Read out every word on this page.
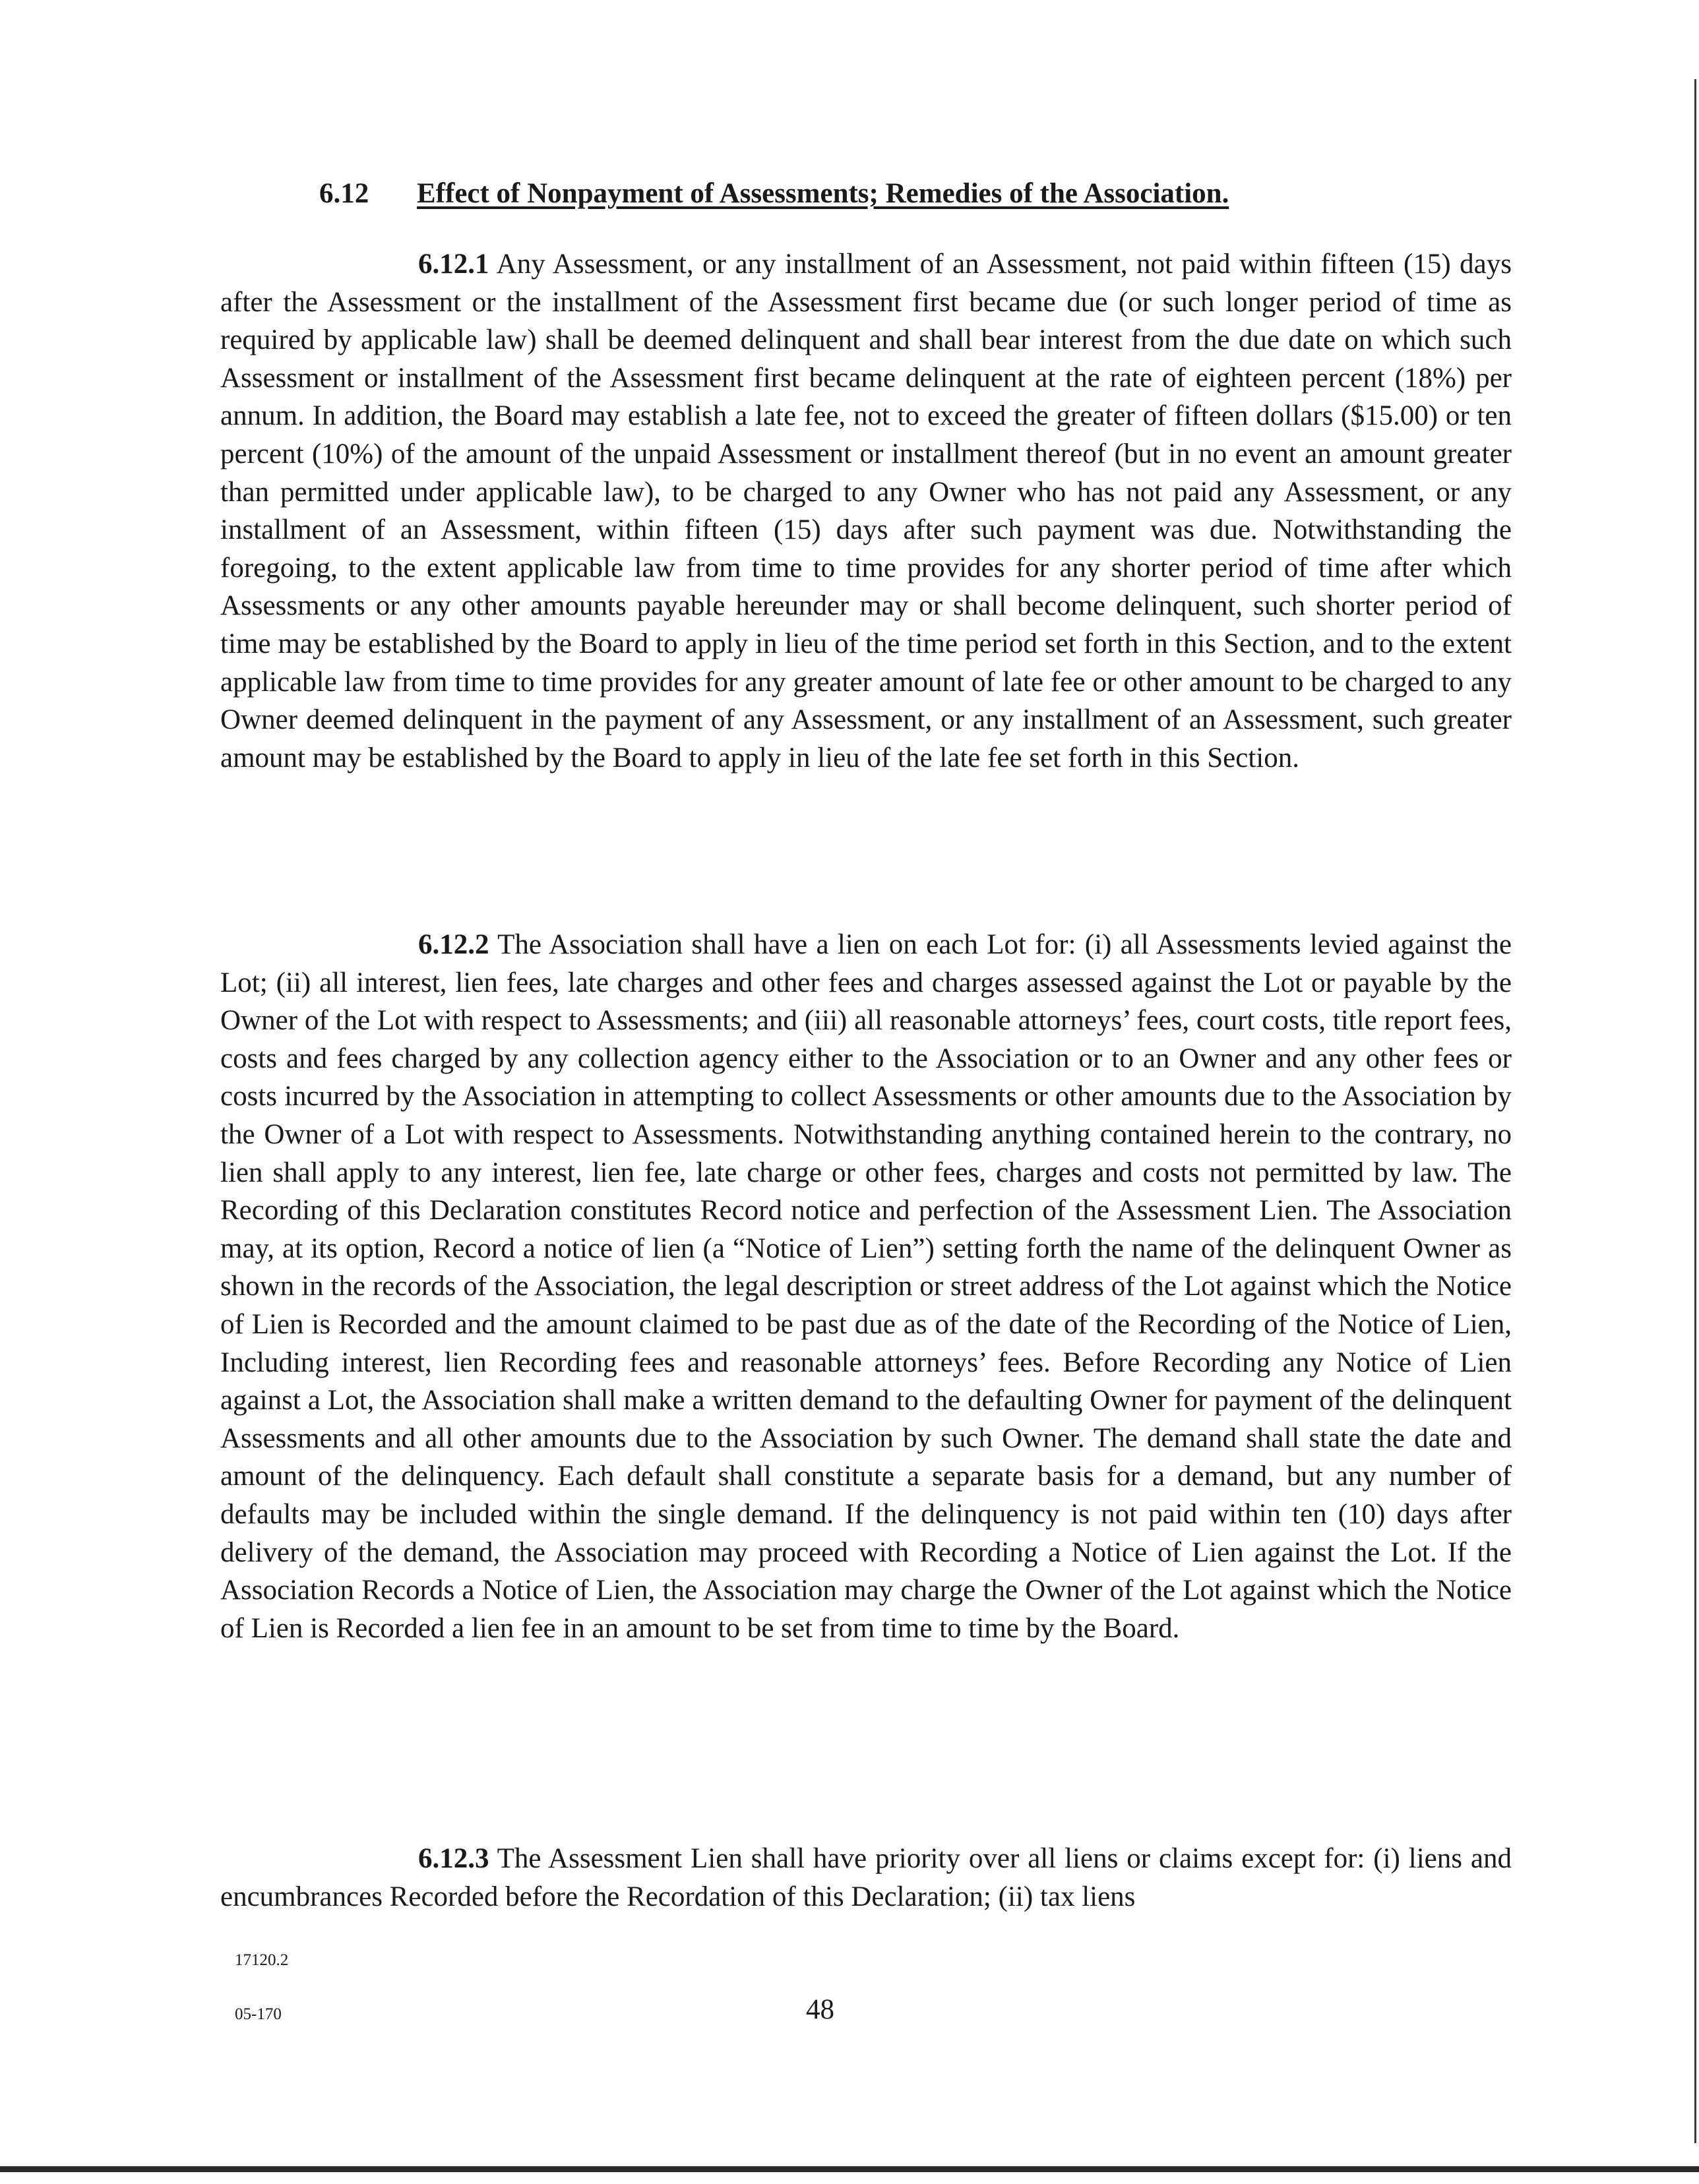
6.12 Effect of Nonpayment of Assessments; Remedies of the Association.

6.12.1 Any Assessment, or any installment of an Assessment, not paid within fifteen (15) days after the Assessment or the installment of the Assessment first became due (or such longer period of time as required by applicable law) shall be deemed delinquent and shall bear interest from the due date on which such Assessment or installment of the Assessment first became delinquent at the rate of eighteen percent (18%) per annum. In addition, the Board may establish a late fee, not to exceed the greater of fifteen dollars ($15.00) or ten percent (10%) of the amount of the unpaid Assessment or installment thereof (but in no event an amount greater than permitted under applicable law), to be charged to any Owner who has not paid any Assessment, or any installment of an Assessment, within fifteen (15) days after such payment was due. Notwithstanding the foregoing, to the extent applicable law from time to time provides for any shorter period of time after which Assessments or any other amounts payable hereunder may or shall become delinquent, such shorter period of time may be established by the Board to apply in lieu of the time period set forth in this Section, and to the extent applicable law from time to time provides for any greater amount of late fee or other amount to be charged to any Owner deemed delinquent in the payment of any Assessment, or any installment of an Assessment, such greater amount may be established by the Board to apply in lieu of the late fee set forth in this Section.

6.12.2 The Association shall have a lien on each Lot for: (i) all Assessments levied against the Lot; (ii) all interest, lien fees, late charges and other fees and charges assessed against the Lot or payable by the Owner of the Lot with respect to Assessments; and (iii) all reasonable attorneys’ fees, court costs, title report fees, costs and fees charged by any collection agency either to the Association or to an Owner and any other fees or costs incurred by the Association in attempting to collect Assessments or other amounts due to the Association by the Owner of a Lot with respect to Assessments. Notwithstanding anything contained herein to the contrary, no lien shall apply to any interest, lien fee, late charge or other fees, charges and costs not permitted by law. The Recording of this Declaration constitutes Record notice and perfection of the Assessment Lien. The Association may, at its option, Record a notice of lien (a “Notice of Lien”) setting forth the name of the delinquent Owner as shown in the records of the Association, the legal description or street address of the Lot against which the Notice of Lien is Recorded and the amount claimed to be past due as of the date of the Recording of the Notice of Lien, Including interest, lien Recording fees and reasonable attorneys’ fees. Before Recording any Notice of Lien against a Lot, the Association shall make a written demand to the defaulting Owner for payment of the delinquent Assessments and all other amounts due to the Association by such Owner. The demand shall state the date and amount of the delinquency. Each default shall constitute a separate basis for a demand, but any number of defaults may be included within the single demand. If the delinquency is not paid within ten (10) days after delivery of the demand, the Association may proceed with Recording a Notice of Lien against the Lot. If the Association Records a Notice of Lien, the Association may charge the Owner of the Lot against which the Notice of Lien is Recorded a lien fee in an amount to be set from time to time by the Board.

6.12.3 The Assessment Lien shall have priority over all liens or claims except for: (i) liens and encumbrances Recorded before the Recordation of this Declaration; (ii) tax liens

17120.2
05-170	48
